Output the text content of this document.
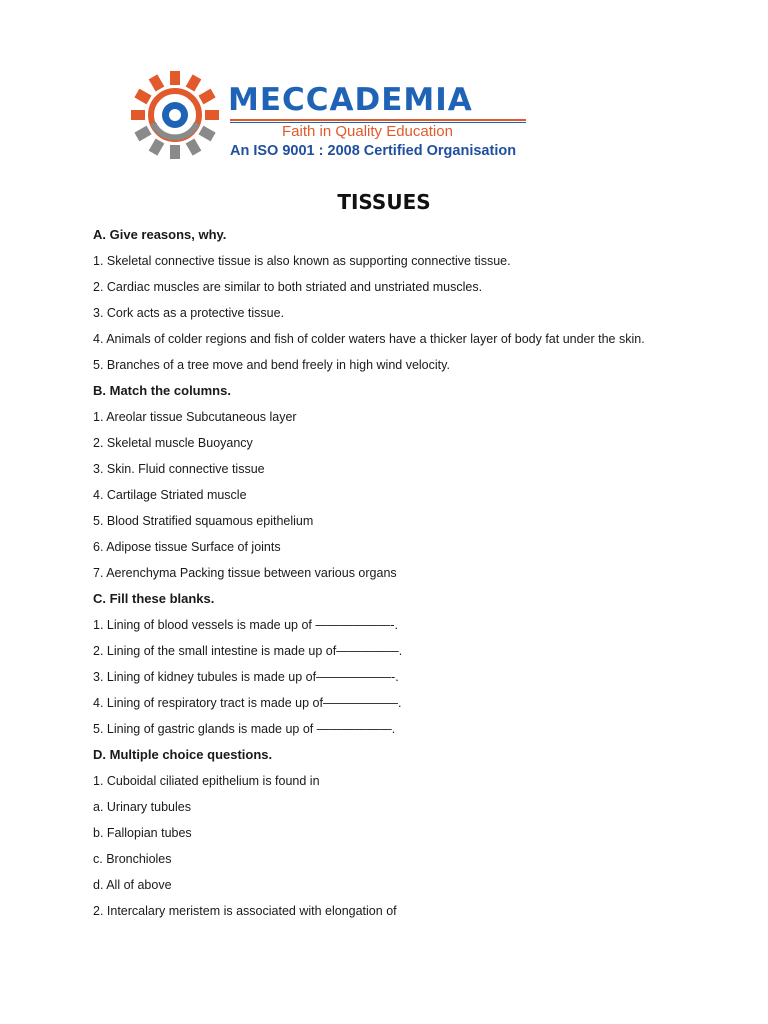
MECCADEMIA
Faith in Quality Education
An ISO 9001 : 2008 Certified Organisation
TISSUES
A. Give reasons, why.
1. Skeletal connective tissue is also known as supporting connective tissue.
2. Cardiac muscles are similar to both striated and unstriated muscles.
3. Cork acts as a protective tissue.
4. Animals of colder regions and fish of colder waters have a thicker layer of body fat under the skin.
5. Branches of a tree move and bend freely in high wind velocity.
B. Match the columns.
1. Areolar tissue Subcutaneous layer
2. Skeletal muscle Buoyancy
3. Skin. Fluid connective tissue
4. Cartilage Striated muscle
5. Blood Stratified squamous epithelium
6. Adipose tissue Surface of joints
7. Aerenchyma Packing tissue between various organs
C. Fill these blanks.
1. Lining of blood vessels is made up of ——————-.
2. Lining of the small intestine is made up of—————.
3. Lining of kidney tubules is made up of——————-.
4. Lining of respiratory tract is made up of——————.
5. Lining of gastric glands is made up of ——————.
D. Multiple choice questions.
1. Cuboidal ciliated epithelium is found in
a. Urinary tubules
b. Fallopian tubes
c. Bronchioles
d. All of above
2. Intercalary meristem is associated with elongation of
